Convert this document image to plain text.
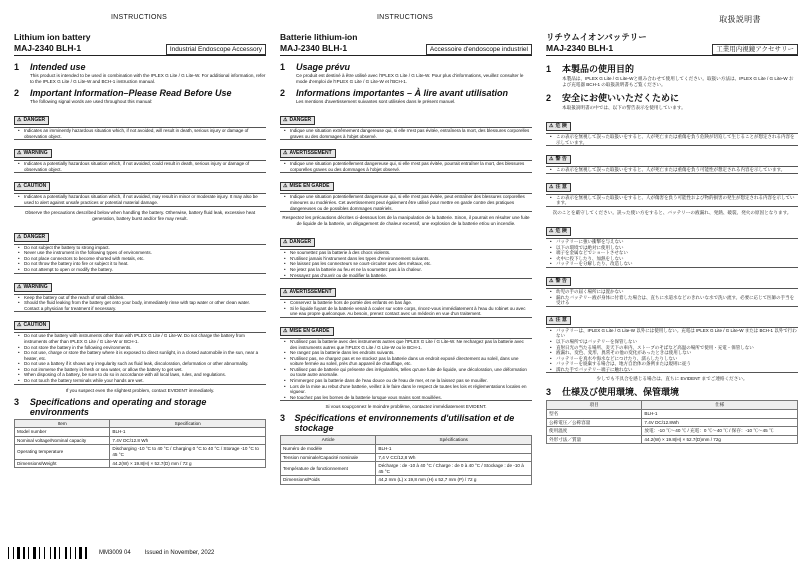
INSTRUCTIONS
Lithium ion battery
MAJ-2340 BLH-1	Industrial Endoscope Accessory
1	Intended use
This product is intended to be used in combination with the IPLEX G Lite / G Lite-W. For additional information, refer to the IPLEX G Lite / G Lite-W and BCH-1 instruction manual.
2	Important Information–Please Read Before Use
The following signal words are used throughout this manual:
⚠ DANGER
• Indicates an imminently hazardous situation which, if not avoided, will result in death, serious injury or damage of observation object.
⚠ WARNING
• Indicates a potentially hazardous situation which, if not avoided, could result in death, serious injury or damage of observation object.
⚠ CAUTION
• Indicates a potentially hazardous situation which, if not avoided, may result in minor or moderate injury. It may also be used to alert against unsafe practices or potential material damage.
Observe the precautions described below when handling the battery. Otherwise, battery fluid leak, excessive heat generation, battery burst and/or fire may result.
⚠ DANGER
• Do not subject the battery to strong impact.
• Never use the instrument in the following types of environments.
• Do not place connectors to become shorted with metals, etc.
• Do not throw the battery into fire or subject it to heat.
• Do not attempt to open or modify the battery.
⚠ WARNING
• Keep the battery out of the reach of small children.
• Should the fluid leaking from the battery get onto your body, immediately rinse with tap water or other clean water. Contact a physician for treatment if necessary.
⚠ CAUTION
• Do not use the battery with instruments other than with IPLEX G Lite / G Lite-W. Do not charge the battery from instruments other than IPLEX G Lite / G Lite-W or BCH-1.
• Do not store the battery in the following environments.
• Do not use, charge or store the battery where it is exposed to direct sunlight, in a closed automobile in the sun, near a heater, etc.
• Do not use a battery if it shows any irregularity such as fluid leak, discoloration, deformation or other abnormality.
• Do not immerse the battery in fresh or sea water, or allow the battery to get wet.
• When disposing of a battery, be sure to do so in accordance with all local laws, rules, and regulations.
• Do not touch the battery terminals while your hands are wet.
If you suspect even the slightest problem, contact EVIDENT immediately.
3	Specifications and operating and storage environments
Item	Specification
Model number	BLH-1
Nominal voltage/Nominal capacity	7.4V DC/12.8 Wh
Operating temperature	Discharging -10 °C to 40 °C / Charging 0 °C to 40 °C / Storage -10 °C to 45 °C
Dimensions/Weight	44.2(W) × 19.8(H) × 52.7(D) mm / 72 g
INSTRUCTIONS
Batterie lithium-ion
MAJ-2340 BLH-1	Accessoire d'endoscope industriel
1	Usage prévu
Ce produit est destiné à être utilisé avec l'IPLEX G Lite / G Lite-W. Pour plus d'informations, veuillez consulter le mode d'emploi de l'IPLEX G Lite / G Lite-W et l'BCH-1.
2	Informations importantes – À lire avant utilisation
Les mentions d'avertissement suivantes sont utilisées dans le présent manuel.
⚠ DANGER
• Indique une situation extrêmement dangereuse qui, si elle n'est pas évitée, entraînera la mort, des blessures corporelles graves ou des dommages à l'objet observé.
⚠ AVERTISSEMENT
• Indique une situation potentiellement dangereuse qui, si elle n'est pas évitée, pourrait entraîner la mort, des blessures corporelles graves ou des dommages à l'objet observé.
⚠ MISE EN GARDE
• Indique une situation potentiellement dangereuse qui, si elle n'est pas évitée, peut entraîner des blessures corporelles mineures ou modérées. Cet avertissement peut également être utilisé pour mettre en garde contre des pratiques dangereuses ou de possibles dommages matériels.
Respectez les précautions décrites ci-dessous lors de la manipulation de la batterie. Sinon, il pourrait en résulter une fuite de liquide de la batterie, un dégagement de chaleur excessif, une explosion de la batterie et/ou un incendie.
⚠ DANGER
• Ne soumettez pas la batterie à des chocs violents.
• N'utilisez jamais l'instrument dans les types d'environnement suivants.
• Ne laissez pas les connecteurs se court-circuiter avec des métaux, etc.
• Ne jetez pas la batterie au feu et ne la soumettez pas à la chaleur.
• N'essayez pas d'ouvrir ou de modifier la batterie.
⚠ AVERTISSEMENT
• Conservez la batterie hors de portée des enfants en bas âge.
• Si le liquide fuyant de la batterie venait à couler sur votre corps, rincez-vous immédiatement à l'eau du robinet ou avec une eau propre quelconque. Au besoin, prenez contact avec un médecin en vue d'un traitement.
⚠ MISE EN GARDE
• N'utilisez pas la batterie avec des instruments autres que l'IPLEX G Lite / G Lite-W. Ne rechargez pas la batterie avec des instruments autres que l'IPLEX G Lite / G Lite-W ou le BCH-1.
• Ne rangez pas la batterie dans les endroits suivants.
• N'utilisez pas, ne chargez pas et ne stockez pas la batterie dans un endroit exposé directement au soleil, dans une voiture fermée au soleil, près d'un appareil de chauffage, etc.
• N'utilisez pas de batterie qui présente des irrégularités, telles qu'une fuite de liquide, une décoloration, une déformation ou toute autre anomalie.
• N'immergez pas la batterie dans de l'eau douce ou de l'eau de mer, et ne la laissez pas se mouiller.
• Lors de la mise au rebut d'une batterie, veillez à le faire dans le respect de toutes les lois et réglementations locales en vigueur.
• Ne touchez pas les bornes de la batterie lorsque vous mains sont mouillées.
Si vous soupçonnez le moindre problème, contactez immédiatement EVIDENT.
3	Spécifications et environnements d'utilisation et de stockage
Article	Spécifications
Numéro de modèle	BLH-1
Tension nominale/Capacité nominale	7,4 V CC/12,8 Wh
Température de fonctionnement	Décharge : de -10 à 40 °C / Charge : de 0 à 40 °C / Stockage : de -10 à 45 °C
Dimensions/Poids	44,2 mm (L) x 19,8 mm (H) x 52,7 mm (P) / 72 g
取扱説明書
リチウムイオンバッテリー
MAJ-2340 BLH-1	工業用内視鏡アクセサリー
1	本製品の使用目的
本製品は、IPLEX G Lite / G Lite-Wと組み合わせて使用してください。取扱い方法は、IPLEX G Lite / G Lite-W および充電器 BCH-1 の取扱説明書もご覧ください。
2	安全にお使いいただくために
本取扱説明書の中では、以下の警告表示を使用しています。
⚠ 危 険
• この表示を無視して誤った取扱いをすると、人が死亡または重傷を負う危険が切迫して生じることが想定される内容を示しています。
⚠ 警 告
• この表示を無視して誤った取扱いをすると、人が死亡または重傷を負う可能性が想定される内容を示しています。
⚠ 注 意
• この表示を無視して誤った取扱いをすると、人が傷害を負う可能性および物的損害の発生が想定される内容を示しています。
次のことを厳守してください。誤った使い方をすると、バッテリーの液漏れ、発熱、破裂、発火の原因となります。
⚠ 危 険
• バッテリーに強い衝撃を与えない
• 以下の環境では絶対に使用しない
• 端子を金属などでショートさせない
• 火中に投下したり、加熱をしない
• バッテリーを分解したり、改造しない
⚠ 警 告
• 幼児の手の届く場所には置かない
• 漏れたバッテリー液が身体に付着した場合は、直ちに水道水などのきれいな水で洗い流す。必要に応じて医師の手当を受ける
⚠ 注 意
• バッテリーは、IPLEX G Lite / G Lite-W 以外には使用しない。充電は IPLEX G Lite / G Lite-W または BCH-1 以外で行わない
• 以下の場所ではバッテリーを保管しない
• 直射日光の当たる場所、炎天下の車内、ストーブのそばなど高温の場所で使用・充電・保管しない
• 液漏れ、変色、変形、異常その他の変化があったときは使用しない
• バッテリーを真水や海水などにつけたり、濡らしたりしない
• バッテリーを廃棄する場合は、地方自治体の条例または規則に従う
• 濡れた手でバッテリー端子に触れない
少しでも不具合を感じる場合は、直ちに EVIDENT までご連絡ください。
3	仕様及び使用環境、保管環境
項目	仕様
型名	BLH-1
公称電圧／公称容量	7.4V DC/12.8Wh
使用温度	放電：-10 ℃～40 ℃ / 充電：0 ℃～40 ℃ / 保存：-10 ℃～45 ℃
外形寸法／質量	44.2(W) × 19.8(H) × 52.7(D)mm / 72g
MM3009 04 Issued in November, 2022
